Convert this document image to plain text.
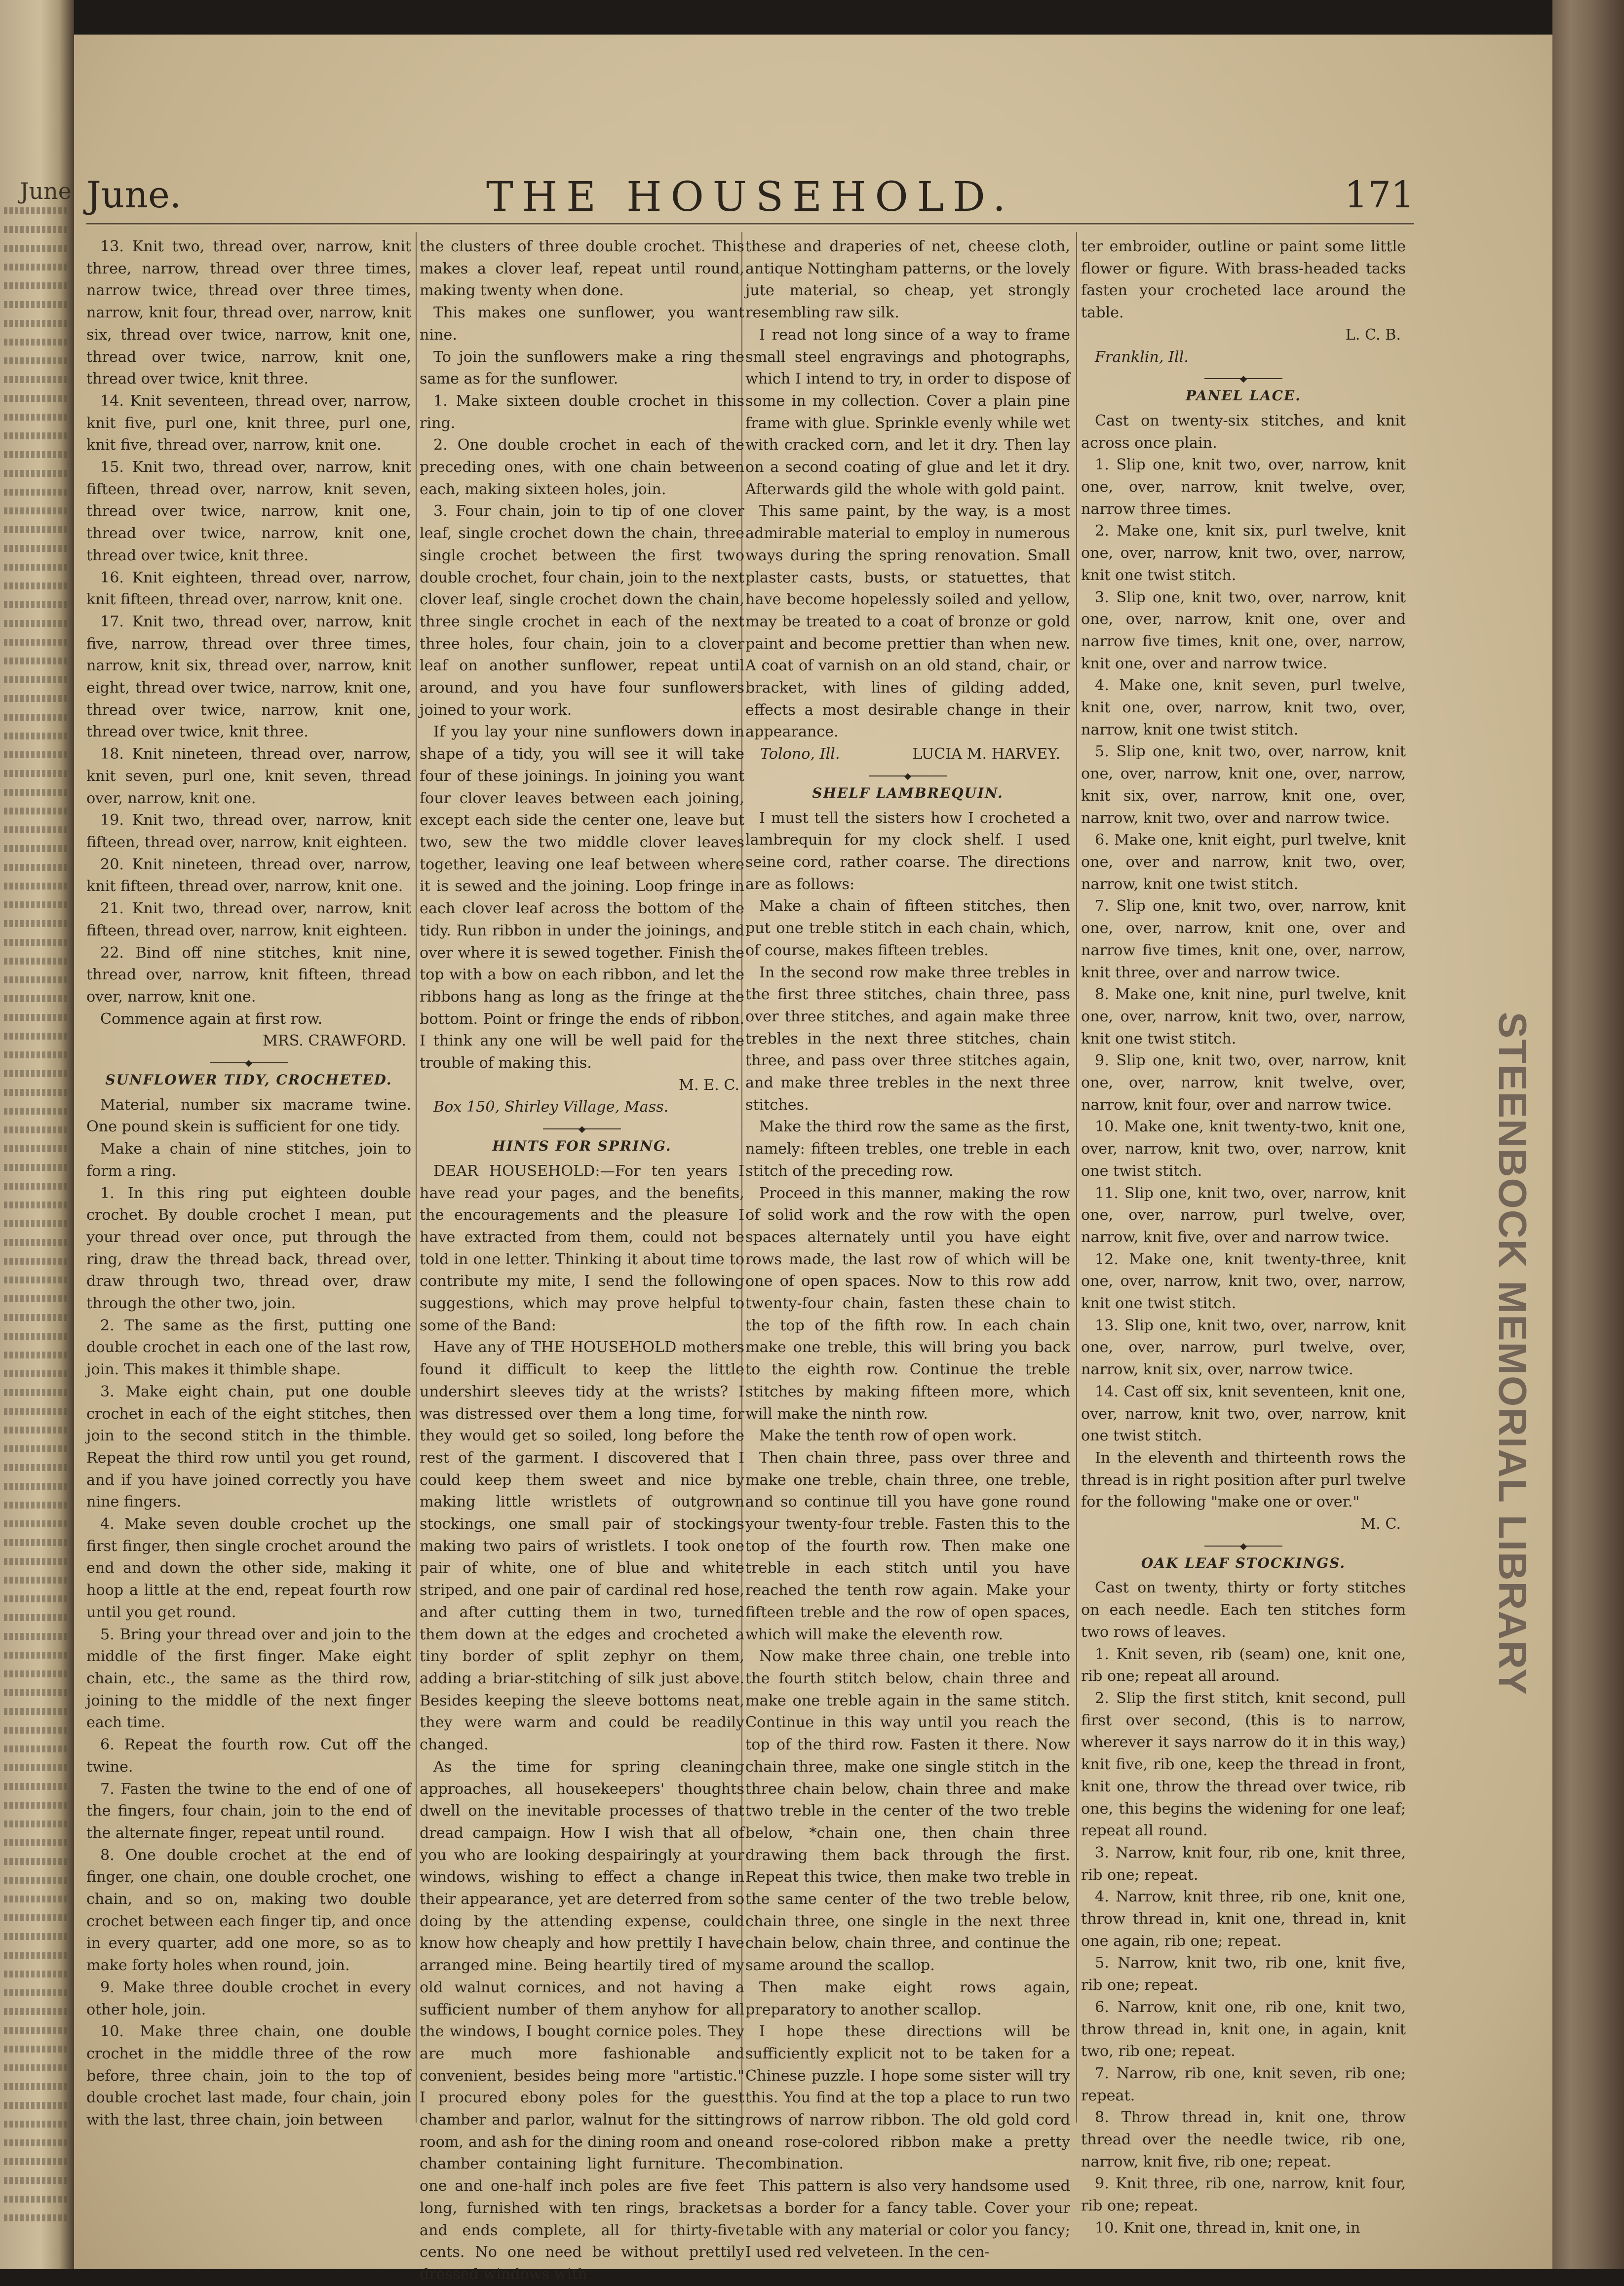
June
STEENBOCK MEMORIAL LIBRARY
June.	THE HOUSEHOLD.	171

13. Knit two, thread over, narrow, knit three, narrow, thread over three times, narrow twice, thread over three times, narrow, knit four, thread over, narrow, knit six, thread over twice, narrow, knit one, thread over twice, narrow, knit one, thread over twice, knit three.

14. Knit seventeen, thread over, narrow, knit five, purl one, knit three, purl one, knit five, thread over, narrow, knit one.

15. Knit two, thread over, narrow, knit fifteen, thread over, narrow, knit seven, thread over twice, narrow, knit one, thread over twice, narrow, knit one, thread over twice, knit three.

16. Knit eighteen, thread over, narrow, knit fifteen, thread over, narrow, knit one.

17. Knit two, thread over, narrow, knit five, narrow, thread over three times, narrow, knit six, thread over, narrow, knit eight, thread over twice, narrow, knit one, thread over twice, narrow, knit one, thread over twice, knit three.

18. Knit nineteen, thread over, narrow, knit seven, purl one, knit seven, thread over, narrow, knit one.

19. Knit two, thread over, narrow, knit fifteen, thread over, narrow, knit eighteen.

20. Knit nineteen, thread over, narrow, knit fifteen, thread over, narrow, knit one.

21. Knit two, thread over, narrow, knit fifteen, thread over, narrow, knit eighteen.

22. Bind off nine stitches, knit nine, thread over, narrow, knit fifteen, thread over, narrow, knit one.

Commence again at first row.

MRS. CRAWFORD.

◆
SUNFLOWER TIDY, CROCHETED.

Material, number six macrame twine. One pound skein is sufficient for one tidy.

Make a chain of nine stitches, join to form a ring.

1. In this ring put eighteen double crochet. By double crochet I mean, put your thread over once, put through the ring, draw the thread back, thread over, draw through two, thread over, draw through the other two, join.

2. The same as the first, putting one double crochet in each one of the last row, join. This makes it thimble shape.

3. Make eight chain, put one double crochet in each of the eight stitches, then join to the second stitch in the thimble. Repeat the third row until you get round, and if you have joined correctly you have nine fingers.

4. Make seven double crochet up the first finger, then single crochet around the end and down the other side, making it hoop a little at the end, repeat fourth row until you get round.

5. Bring your thread over and join to the middle of the first finger. Make eight chain, etc., the same as the third row, joining to the middle of the next finger each time.

6. Repeat the fourth row. Cut off the twine.

7. Fasten the twine to the end of one of the fingers, four chain, join to the end of the alternate finger, repeat until round.

8. One double crochet at the end of finger, one chain, one double crochet, one chain, and so on, making two double crochet between each finger tip, and once in every quarter, add one more, so as to make forty holes when round, join.

9. Make three double crochet in every other hole, join.

10. Make three chain, one double crochet in the middle three of the row before, three chain, join to the top of double crochet last made, four chain, join with the last, three chain, join between

the clusters of three double crochet. This makes a clover leaf, repeat until round, making twenty when done.

This makes one sunflower, you want nine.

To join the sunflowers make a ring the same as for the sunflower.

1. Make sixteen double crochet in this ring.

2. One double crochet in each of the preceding ones, with one chain between each, making sixteen holes, join.

3. Four chain, join to tip of one clover leaf, single crochet down the chain, three single crochet between the first two double crochet, four chain, join to the next clover leaf, single crochet down the chain, three single crochet in each of the next three holes, four chain, join to a clover leaf on another sunflower, repeat until around, and you have four sunflowers joined to your work.

If you lay your nine sunflowers down in shape of a tidy, you will see it will take four of these joinings. In joining you want four clover leaves between each joining, except each side the center one, leave but two, sew the two middle clover leaves together, leaving one leaf between where it is sewed and the joining. Loop fringe in each clover leaf across the bottom of the tidy. Run ribbon in under the joinings, and over where it is sewed together. Finish the top with a bow on each ribbon, and let the ribbons hang as long as the fringe at the bottom. Point or fringe the ends of ribbon. I think any one will be well paid for the trouble of making this.

M. E. C.

Box 150, Shirley Village, Mass.

◆
HINTS FOR SPRING.

DEAR HOUSEHOLD:—For ten years I have read your pages, and the benefits, the encouragements and the pleasure I have extracted from them, could not be told in one letter. Thinking it about time to contribute my mite, I send the following suggestions, which may prove helpful to some of the Band:

Have any of THE HOUSEHOLD mothers found it difficult to keep the little undershirt sleeves tidy at the wrists? I was distressed over them a long time, for they would get so soiled, long before the rest of the garment. I discovered that I could keep them sweet and nice by making little wristlets of outgrown stockings, one small pair of stockings making two pairs of wristlets. I took one pair of white, one of blue and white striped, and one pair of cardinal red hose, and after cutting them in two, turned them down at the edges and crocheted a tiny border of split zephyr on them, adding a briar-stitching of silk just above. Besides keeping the sleeve bottoms neat, they were warm and could be readily changed.

As the time for spring cleaning approaches, all housekeepers' thoughts dwell on the inevitable processes of that dread campaign. How I wish that all of you who are looking despairingly at your windows, wishing to effect a change in their appearance, yet are deterred from so doing by the attending expense, could know how cheaply and how prettily I have arranged mine. Being heartily tired of my old walnut cornices, and not having a sufficient number of them anyhow for all the windows, I bought cornice poles. They are much more fashionable and convenient, besides being more "artistic." I procured ebony poles for the guest chamber and parlor, walnut for the sitting room, and ash for the dining room and one chamber containing light furniture. The one and one-half inch poles are five feet long, furnished with ten rings, brackets and ends complete, all for thirty-five cents. No one need be without prettily dressed windows with

these and draperies of net, cheese cloth, antique Nottingham patterns, or the lovely jute material, so cheap, yet strongly resembling raw silk.

I read not long since of a way to frame small steel engravings and photographs, which I intend to try, in order to dispose of some in my collection. Cover a plain pine frame with glue. Sprinkle evenly while wet with cracked corn, and let it dry. Then lay on a second coating of glue and let it dry. Afterwards gild the whole with gold paint.

This same paint, by the way, is a most admirable material to employ in numerous ways during the spring renovation. Small plaster casts, busts, or statuettes, that have become hopelessly soiled and yellow, may be treated to a coat of bronze or gold paint and become prettier than when new. A coat of varnish on an old stand, chair, or bracket, with lines of gilding added, effects a most desirable change in their appearance.

Tolono, Ill.	LUCIA M. HARVEY.
◆
SHELF LAMBREQUIN.

I must tell the sisters how I crocheted a lambrequin for my clock shelf. I used seine cord, rather coarse. The directions are as follows:

Make a chain of fifteen stitches, then put one treble stitch in each chain, which, of course, makes fifteen trebles.

In the second row make three trebles in the first three stitches, chain three, pass over three stitches, and again make three trebles in the next three stitches, chain three, and pass over three stitches again, and make three trebles in the next three stitches.

Make the third row the same as the first, namely: fifteen trebles, one treble in each stitch of the preceding row.

Proceed in this manner, making the row of solid work and the row with the open spaces alternately until you have eight rows made, the last row of which will be one of open spaces. Now to this row add twenty-four chain, fasten these chain to the top of the fifth row. In each chain make one treble, this will bring you back to the eighth row. Continue the treble stitches by making fifteen more, which will make the ninth row.

Make the tenth row of open work.

Then chain three, pass over three and make one treble, chain three, one treble, and so continue till you have gone round your twenty-four treble. Fasten this to the top of the fourth row. Then make one treble in each stitch until you have reached the tenth row again. Make your fifteen treble and the row of open spaces, which will make the eleventh row.

Now make three chain, one treble into the fourth stitch below, chain three and make one treble again in the same stitch. Continue in this way until you reach the top of the third row. Fasten it there. Now chain three, make one single stitch in the three chain below, chain three and make two treble in the center of the two treble below, *chain one, then chain three drawing them back through the first. Repeat this twice, then make two treble in the same center of the two treble below, chain three, one single in the next three chain below, chain three, and continue the same around the scallop.

Then make eight rows again, preparatory to another scallop.

I hope these directions will be sufficiently explicit not to be taken for a Chinese puzzle. I hope some sister will try this. You find at the top a place to run two rows of narrow ribbon. The old gold cord and rose-colored ribbon make a pretty combination.

This pattern is also very handsome used as a border for a fancy table. Cover your table with any material or color you fancy; I used red velveteen. In the cen-

ter embroider, outline or paint some little flower or figure. With brass-headed tacks fasten your crocheted lace around the table.

L. C. B.

Franklin, Ill.

◆
PANEL LACE.

Cast on twenty-six stitches, and knit across once plain.

1. Slip one, knit two, over, narrow, knit one, over, narrow, knit twelve, over, narrow three times.

2. Make one, knit six, purl twelve, knit one, over, narrow, knit two, over, narrow, knit one twist stitch.

3. Slip one, knit two, over, narrow, knit one, over, narrow, knit one, over and narrow five times, knit one, over, narrow, knit one, over and narrow twice.

4. Make one, knit seven, purl twelve, knit one, over, narrow, knit two, over, narrow, knit one twist stitch.

5. Slip one, knit two, over, narrow, knit one, over, narrow, knit one, over, narrow, knit six, over, narrow, knit one, over, narrow, knit two, over and narrow twice.

6. Make one, knit eight, purl twelve, knit one, over and narrow, knit two, over, narrow, knit one twist stitch.

7. Slip one, knit two, over, narrow, knit one, over, narrow, knit one, over and narrow five times, knit one, over, narrow, knit three, over and narrow twice.

8. Make one, knit nine, purl twelve, knit one, over, narrow, knit two, over, narrow, knit one twist stitch.

9. Slip one, knit two, over, narrow, knit one, over, narrow, knit twelve, over, narrow, knit four, over and narrow twice.

10. Make one, knit twenty-two, knit one, over, narrow, knit two, over, narrow, knit one twist stitch.

11. Slip one, knit two, over, narrow, knit one, over, narrow, purl twelve, over, narrow, knit five, over and narrow twice.

12. Make one, knit twenty-three, knit one, over, narrow, knit two, over, narrow, knit one twist stitch.

13. Slip one, knit two, over, narrow, knit one, over, narrow, purl twelve, over, narrow, knit six, over, narrow twice.

14. Cast off six, knit seventeen, knit one, over, narrow, knit two, over, narrow, knit one twist stitch.

In the eleventh and thirteenth rows the thread is in right position after purl twelve for the following "make one or over."

M. C.

◆
OAK LEAF STOCKINGS.

Cast on twenty, thirty or forty stitches on each needle. Each ten stitches form two rows of leaves.

1. Knit seven, rib (seam) one, knit one, rib one; repeat all around.

2. Slip the first stitch, knit second, pull first over second, (this is to narrow, wherever it says narrow do it in this way,) knit five, rib one, keep the thread in front, knit one, throw the thread over twice, rib one, this begins the widening for one leaf; repeat all round.

3. Narrow, knit four, rib one, knit three, rib one; repeat.

4. Narrow, knit three, rib one, knit one, throw thread in, knit one, thread in, knit one again, rib one; repeat.

5. Narrow, knit two, rib one, knit five, rib one; repeat.

6. Narrow, knit one, rib one, knit two, throw thread in, knit one, in again, knit two, rib one; repeat.

7. Narrow, rib one, knit seven, rib one; repeat.

8. Throw thread in, knit one, throw thread over the needle twice, rib one, narrow, knit five, rib one; repeat.

9. Knit three, rib one, narrow, knit four, rib one; repeat.

10. Knit one, thread in, knit one, in
